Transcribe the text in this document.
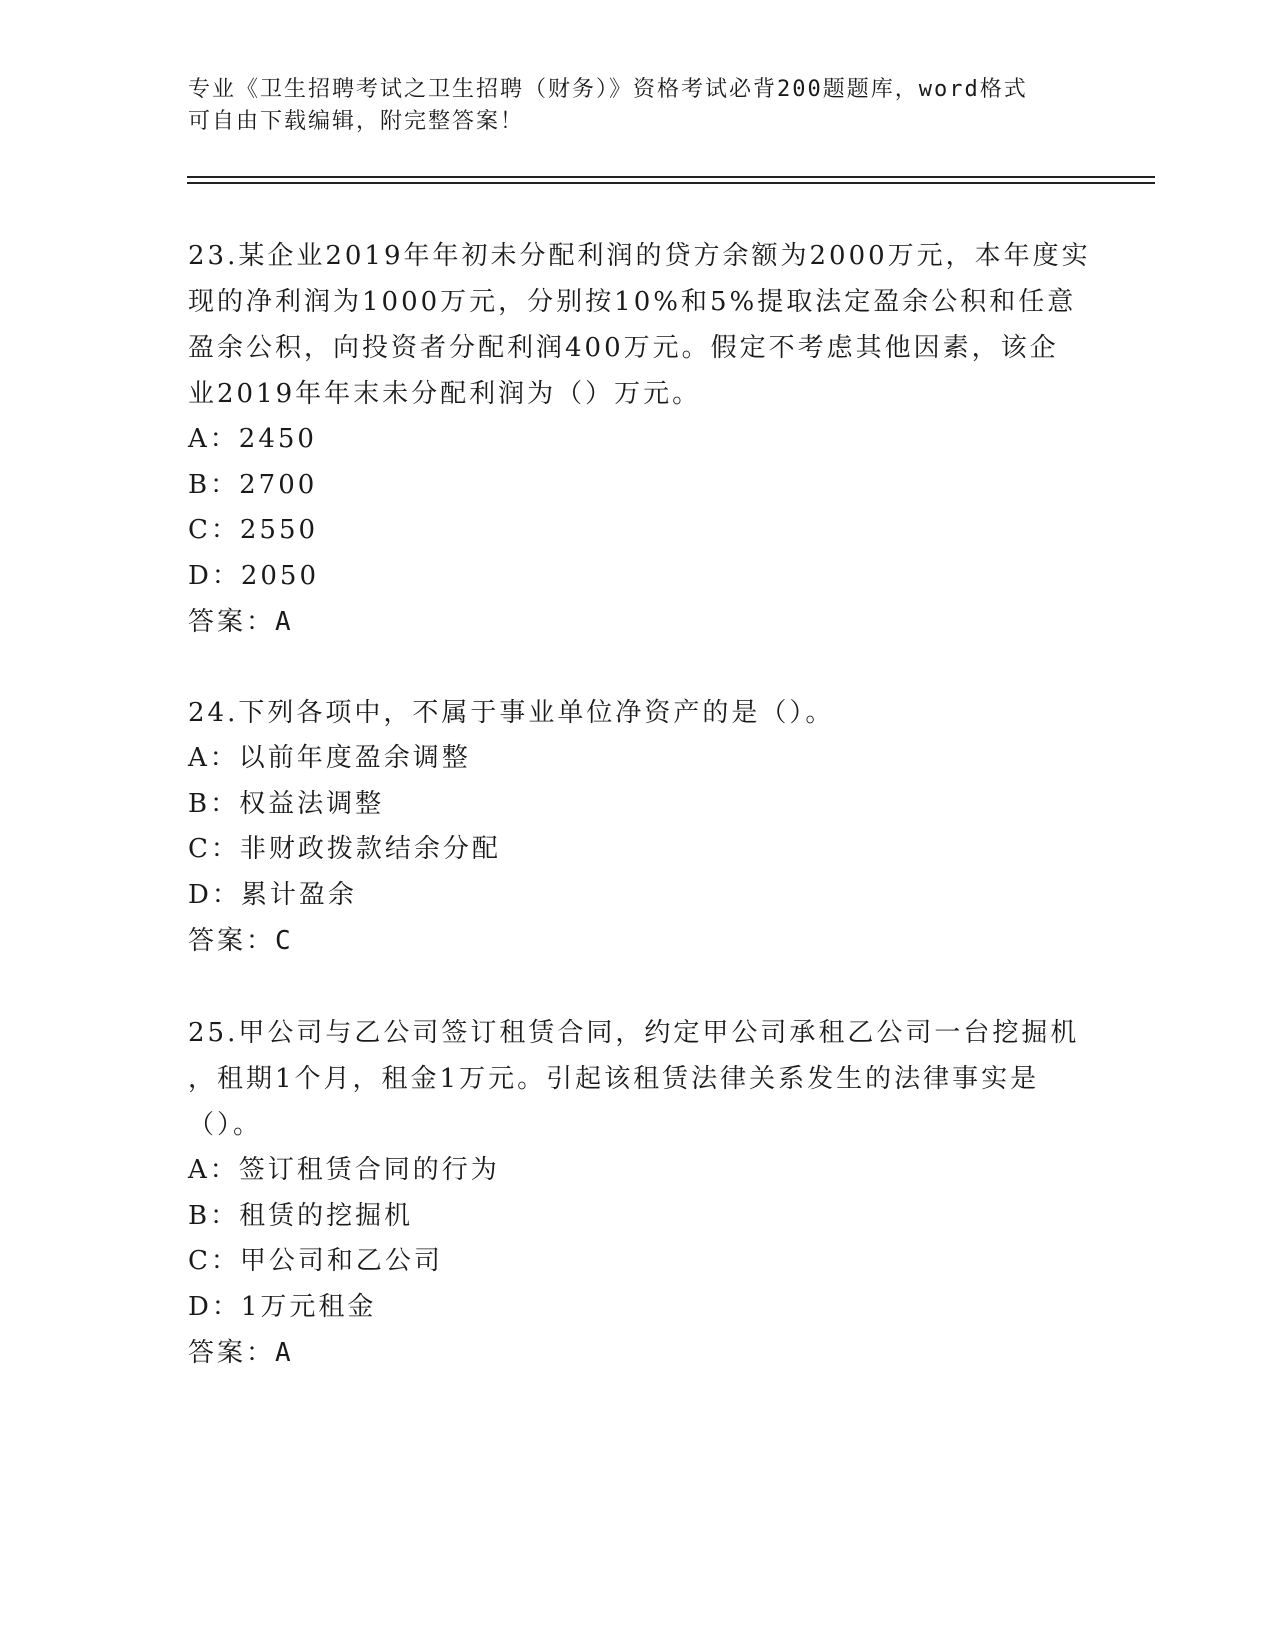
专业《卫生招聘考试之卫生招聘（财务）》资格考试必背200题题库，word格式
可自由下载编辑，附完整答案！
23.某企业2019年年初未分配利润的贷方余额为2000万元，本年度实
现的净利润为1000万元，分别按10%和5%提取法定盈余公积和任意
盈余公积，向投资者分配利润400万元。假定不考虑其他因素，该企
业2019年年末未分配利润为（）万元。
A：2450
B：2700
C：2550
D：2050
答案：A
24.下列各项中，不属于事业单位净资产的是（）。
A：以前年度盈余调整
B：权益法调整
C：非财政拨款结余分配
D：累计盈余
答案：C
25.甲公司与乙公司签订租赁合同，约定甲公司承租乙公司一台挖掘机
，租期1个月，租金1万元。引起该租赁法律关系发生的法律事实是
（）。
A：签订租赁合同的行为
B：租赁的挖掘机
C：甲公司和乙公司
D：1万元租金
答案：A
